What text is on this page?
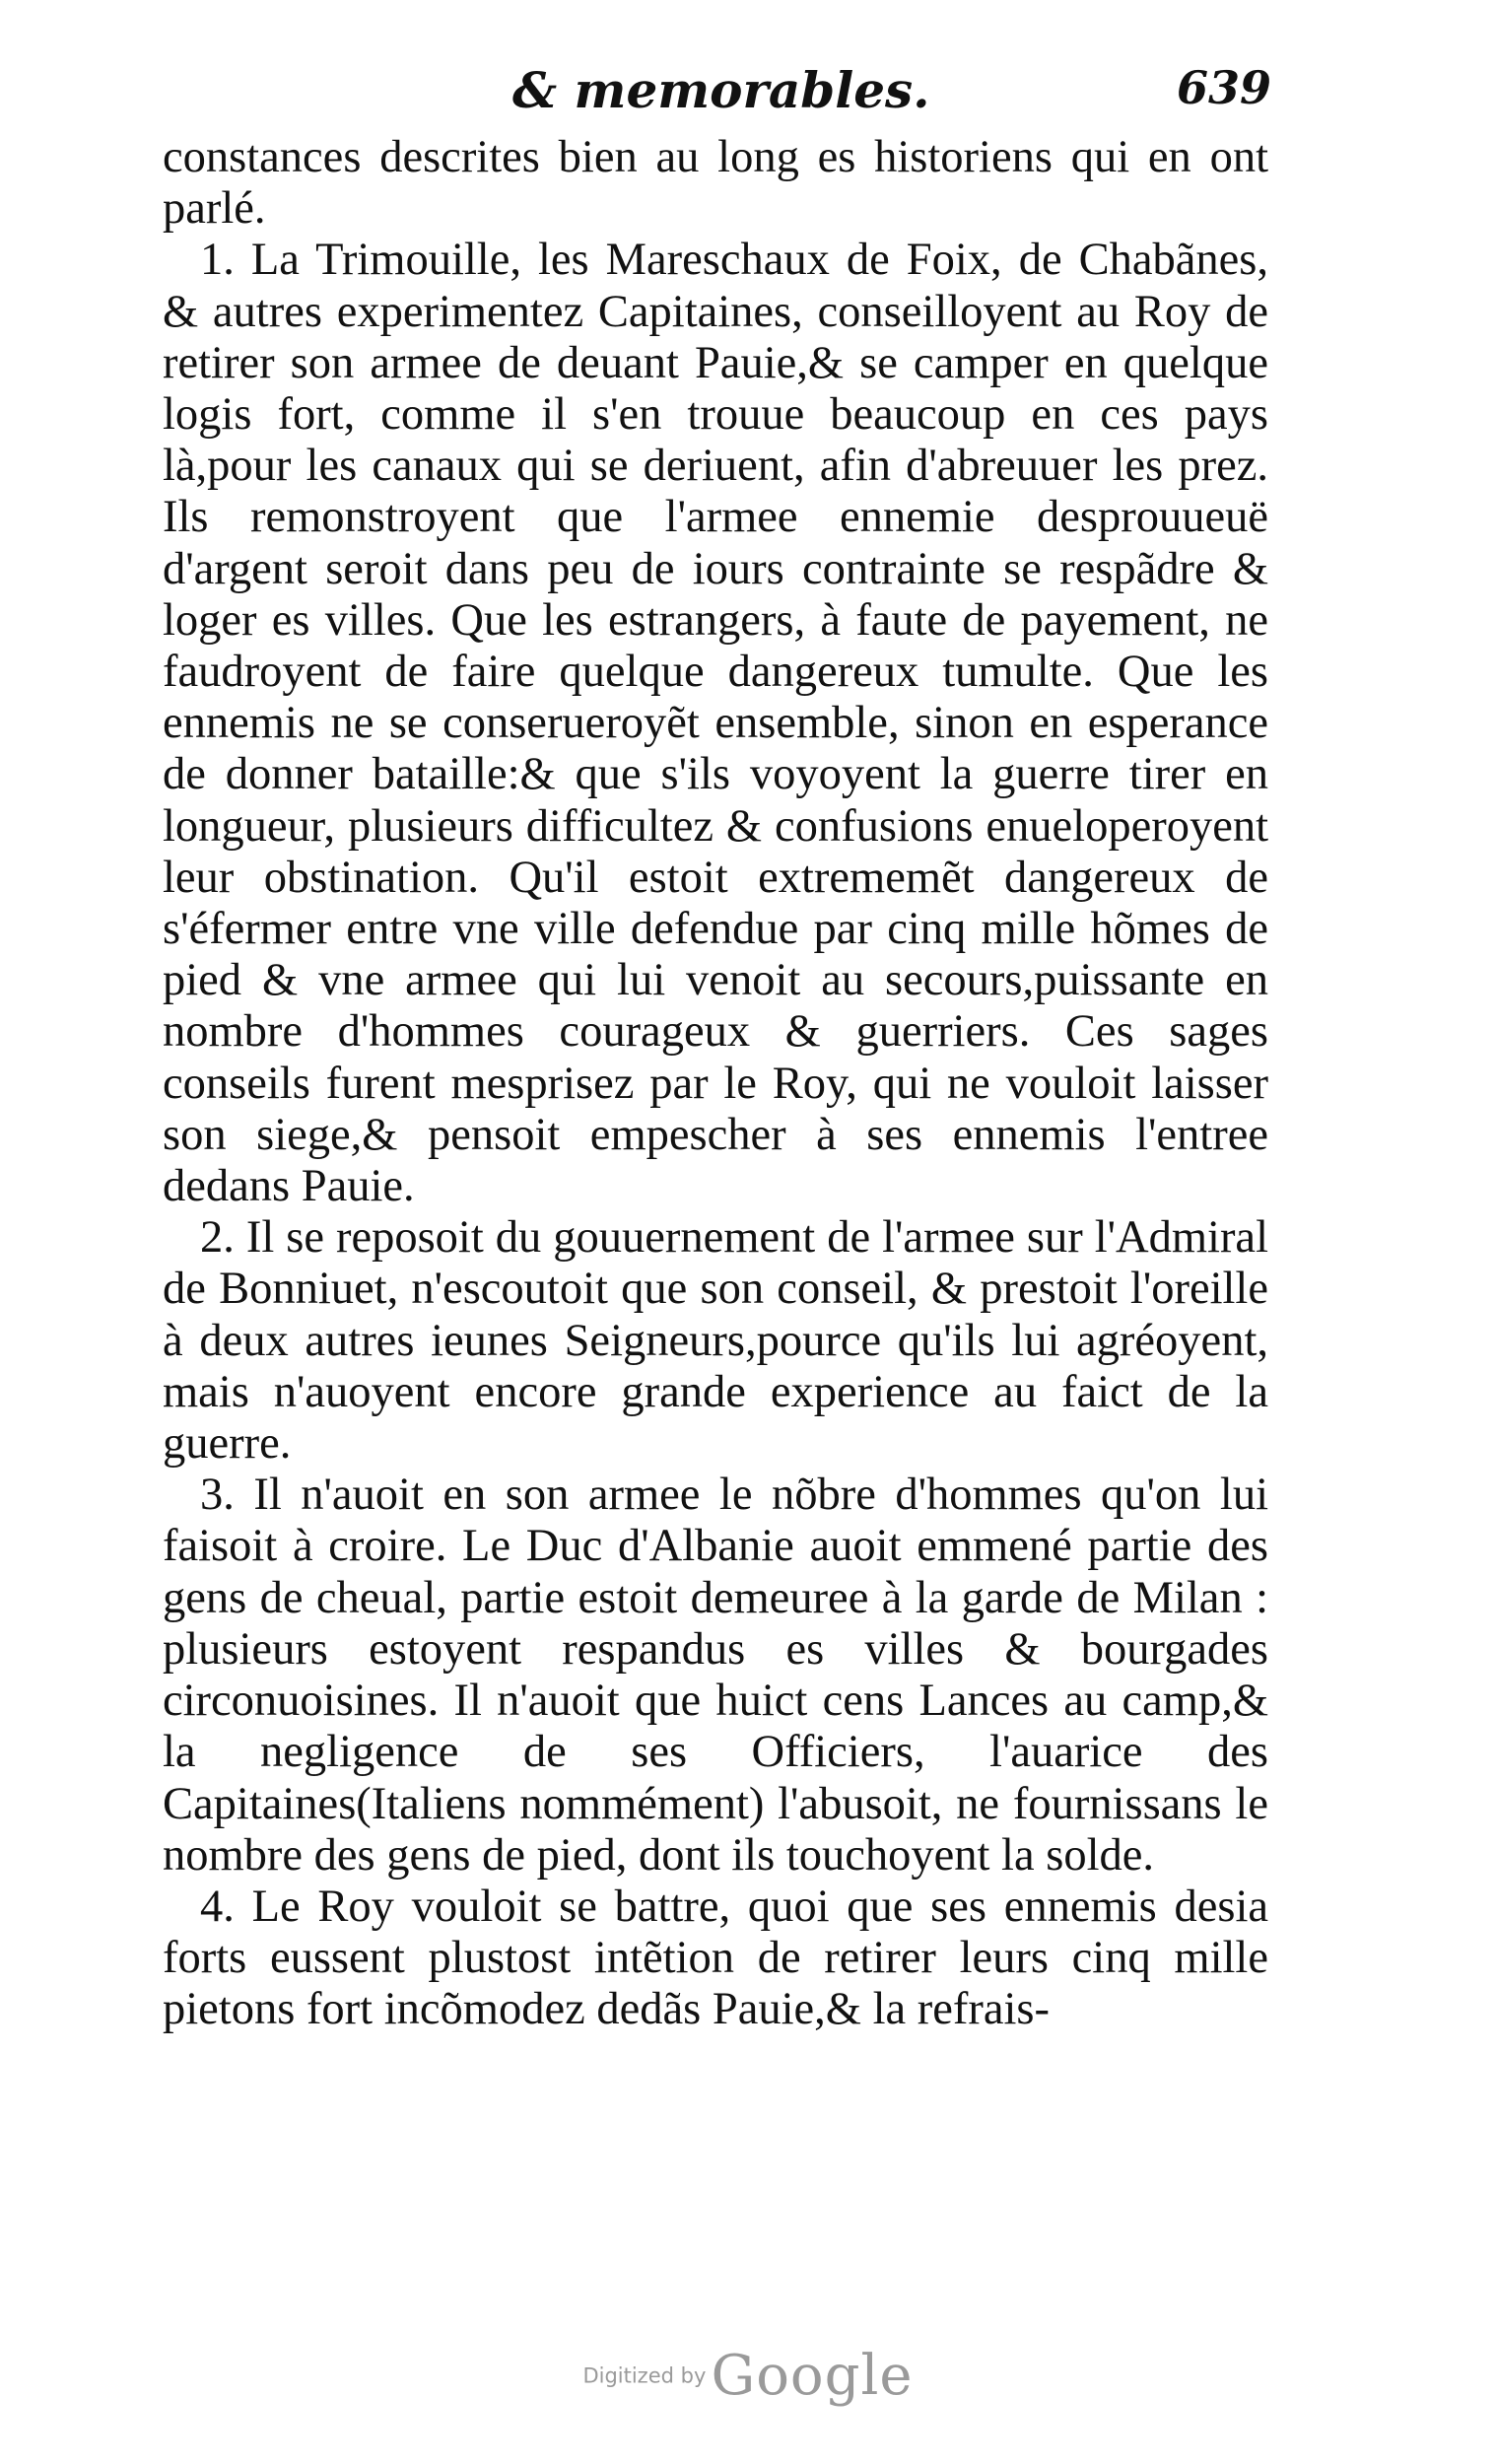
& memorables.	639

constances descrites bien au long es historiens qui en ont parlé.

1. La Trimouille, les Mareschaux de Foix, de Chabãnes, & autres experimentez Capitaines, conseilloyent au Roy de retirer son armee de deuant Pauie,& se camper en quelque logis fort, comme il s'en trouue beaucoup en ces pays là,pour les canaux qui se deriuent, afin d'abreuuer les prez. Ils remonstroyent que l'armee ennemie desprouueuë d'argent seroit dans peu de iours contrainte se respãdre & loger es villes. Que les estrangers, à faute de payement, ne faudroyent de faire quelque dangereux tumulte. Que les ennemis ne se conserueroyẽt ensemble, sinon en esperance de donner bataille:& que s'ils voyoyent la guerre tirer en longueur, plusieurs difficultez & confusions enueloperoyent leur obstination. Qu'il estoit extrememẽt dangereux de s'éfermer entre vne ville defendue par cinq mille hõmes de pied & vne armee qui lui venoit au secours,puissante en nombre d'hommes courageux & guerriers. Ces sages conseils furent mesprisez par le Roy, qui ne vouloit laisser son siege,& pensoit empescher à ses ennemis l'entree dedans Pauie.

2. Il se reposoit du gouuernement de l'armee sur l'Admiral de Bonniuet, n'escoutoit que son conseil, & prestoit l'oreille à deux autres ieunes Seigneurs,pource qu'ils lui agréoyent, mais n'auoyent encore grande experience au faict de la guerre.

3. Il n'auoit en son armee le nõbre d'hommes qu'on lui faisoit à croire. Le Duc d'Albanie auoit emmené partie des gens de cheual, partie estoit demeuree à la garde de Milan : plusieurs estoyent respandus es villes & bourgades circonuoisines. Il n'auoit que huict cens Lances au camp,& la negligence de ses Officiers, l'auarice des Capitaines(Italiens nommément) l'abusoit, ne fournissans le nombre des gens de pied, dont ils touchoyent la solde.

4. Le Roy vouloit se battre, quoi que ses ennemis desia forts eussent plustost intẽtion de retirer leurs cinq mille pietons fort incõmodez dedãs Pauie,& la refrais-

Digitized by Google
